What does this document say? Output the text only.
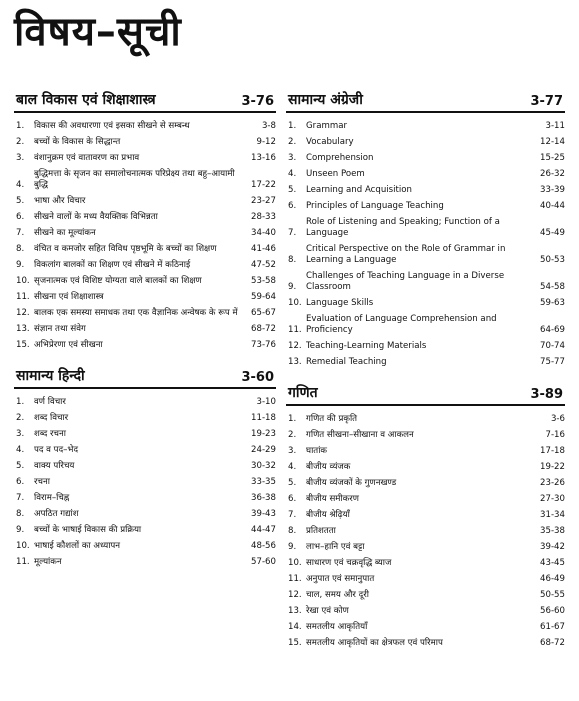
विषय–सूची
बाल विकास एवं शिक्षाशास्त्र	3-76
1.	विकास की अवधारणा एवं इसका सीखने से सम्बन्ध	3-8
2.	बच्चों के विकास के सिद्धान्त	9-12
3.	वंशानुक्रम एवं वातावरण का प्रभाव	13-16
4.
बुद्धिमत्ता के सृजन का समालोचनात्मक परिप्रेक्ष्य तथा बहु–आयामी बुद्धि	17-22
5.	भाषा और विचार	23-27
6.	सीखने वालों के मध्य वैयक्तिक विभिन्नता	28-33
7.	सीखने का मूल्यांकन	34-40
8.	वंचित व कमजोर सहित विविध पृष्ठभूमि के बच्चों का शिक्षण	41-46
9.	विकलांग बालकों का शिक्षण एवं सीखने में कठिनाई	47-52
10. सृजनात्मक एवं विशिष्ट योग्यता वाले बालकों का शिक्षण	53-58
11. सीखना एवं शिक्षाशास्त्र	59-64
12. बालक एक समस्या समाधक तथा एक वैज्ञानिक अन्वेषक के रूप में	65-67
13. संज्ञान तथा संवेग	68-72
15. अभिप्रेरणा एवं सीखना	73-76
सामान्य हिन्दी	3-60
1.	वर्ण विचार	3-10
2.	शब्द विचार	11-18
3.	शब्द रचना	19-23
4.	पद व पद–भेद	24-29
5.	वाक्य परिचय	30-32
6.	रचना	33-35
7.	विराम–चिह्न	36-38
8.	अपठित गद्यांश	39-43
9.	बच्चों के भाषाई विकास की प्रक्रिया	44-47
10. भाषाई कौशलों का अध्यापन	48-56
11. मूल्यांकन	57-60
सामान्य अंग्रेजी	3-77
1.	Grammar	3-11
2.	Vocabulary	12-14
3.	Comprehension	15-25
4.	Unseen Poem	26-32
5.	Learning and Acquisition	33-39
6.	Principles of Language Teaching	40-44
7.
Role of Listening and Speaking; Function of a Language	45-49
8.
Critical Perspective on the Role of Grammar in Learning a Language	50-53
9.
Challenges of Teaching Language in a Diverse Classroom	54-58
10. Language Skills	59-63
11.
Evaluation of Language Comprehension and Proficiency	64-69
12. Teaching-Learning Materials	70-74
13. Remedial Teaching	75-77
गणित	3-89
1.	गणित की प्रकृति	3-6
2.	गणित सीखना–सीखाना व आकलन	7-16
3.	घातांक	17-18
4.	बीजीय व्यंजक	19-22
5.	बीजीय व्यंजकों के गुणनखण्ड	23-26
6.	बीजीय समीकरण	27-30
7.	बीजीय श्रेढ़ियाँ	31-34
8.	प्रतिशतता	35-38
9.	लाभ–हानि एवं बट्टा	39-42
10. साधारण एवं चक्रवृद्धि ब्याज	43-45
11. अनुपात एवं समानुपात	46-49
12. चाल, समय और दूरी	50-55
13. रेखा एवं कोण	56-60
14. समतलीय आकृतियाँ	61-67
15. समतलीय आकृतियों का क्षेत्रफल एवं परिमाप	68-72
